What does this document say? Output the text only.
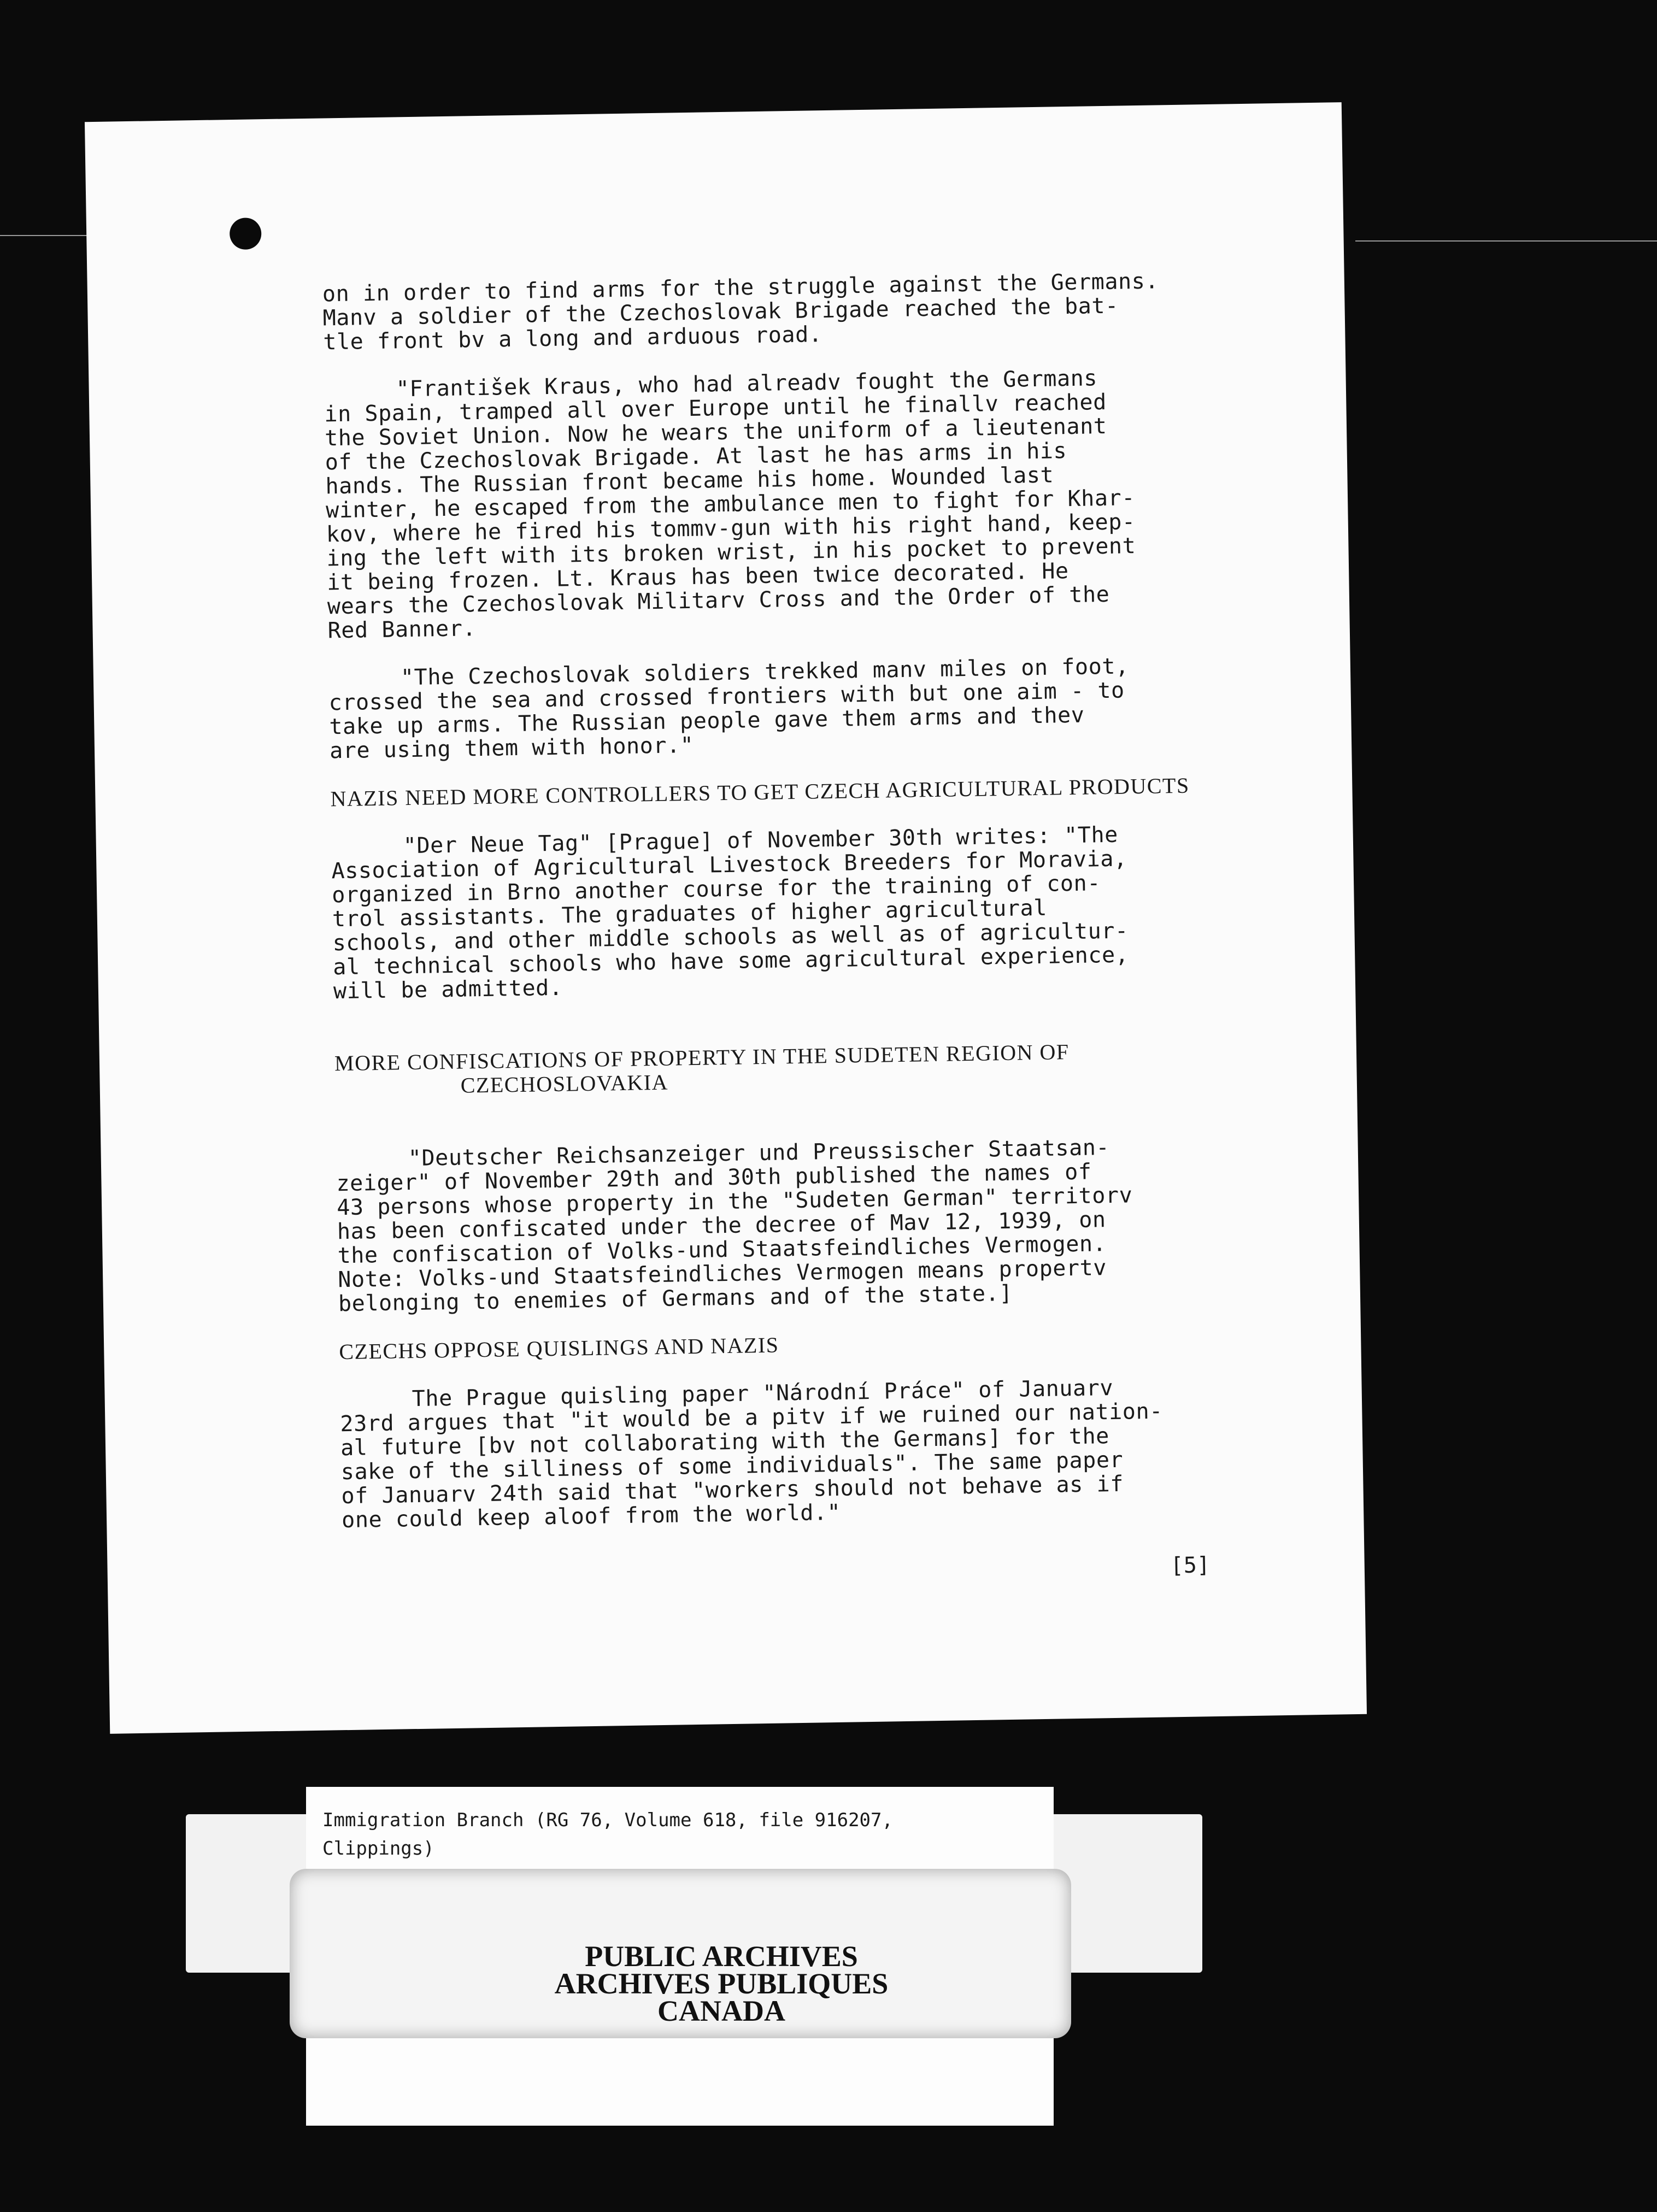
on in order to find arms for the struggle against the Germans.
Manv a soldier of the Czechoslovak Brigade reached the bat-
tle front bv a long and arduous road.

"František Kraus, who had alreadv fought the Germans
in Spain, tramped all over Europe until he finallv reached
the Soviet Union. Now he wears the uniform of a lieutenant
of the Czechoslovak Brigade. At last he has arms in his
hands. The Russian front became his home. Wounded last
winter, he escaped from the ambulance men to fight for Khar-
kov, where he fired his tommv-gun with his right hand, keep-
ing the left with its broken wrist, in his pocket to prevent
it being frozen. Lt. Kraus has been twice decorated. He
wears the Czechoslovak Militarv Cross and the Order of the
Red Banner.

"The Czechoslovak soldiers trekked manv miles on foot,
crossed the sea and crossed frontiers with but one aim - to
take up arms. The Russian people gave them arms and thev
are using them with honor."

NAZIS NEED MORE CONTROLLERS TO GET CZECH AGRICULTURAL PRODUCTS

"Der Neue Tag" [Prague] of November 30th writes: "The
Association of Agricultural Livestock Breeders for Moravia,
organized in Brno another course for the training of con-
trol assistants. The graduates of higher agricultural
schools, and other middle schools as well as of agricultur-
al technical schools who have some agricultural experience,
will be admitted.

MORE CONFISCATIONS OF PROPERTY IN THE SUDETEN REGION OF

CZECHOSLOVAKIA

"Deutscher Reichsanzeiger und Preussischer Staatsan-
zeiger" of November 29th and 30th published the names of
43 persons whose property in the "Sudeten German" territorv
has been confiscated under the decree of Mav 12, 1939, on
the confiscation of Volks-und Staatsfeindliches Vermogen.
Note: Volks-und Staatsfeindliches Vermogen means propertv
belonging to enemies of Germans and of the state.]

CZECHS OPPOSE QUISLINGS AND NAZIS

The Prague quisling paper "Národní Práce" of Januarv
23rd argues that "it would be a pitv if we ruined our nation-
al future [bv not collaborating with the Germans] for the
sake of the silliness of some individuals". The same paper
of Januarv 24th said that "workers should not behave as if
one could keep aloof from the world."

[5]
Immigration Branch (RG 76, Volume 618, file 916207,
Clippings)
PUBLIC ARCHIVES
ARCHIVES PUBLIQUES
CANADA
